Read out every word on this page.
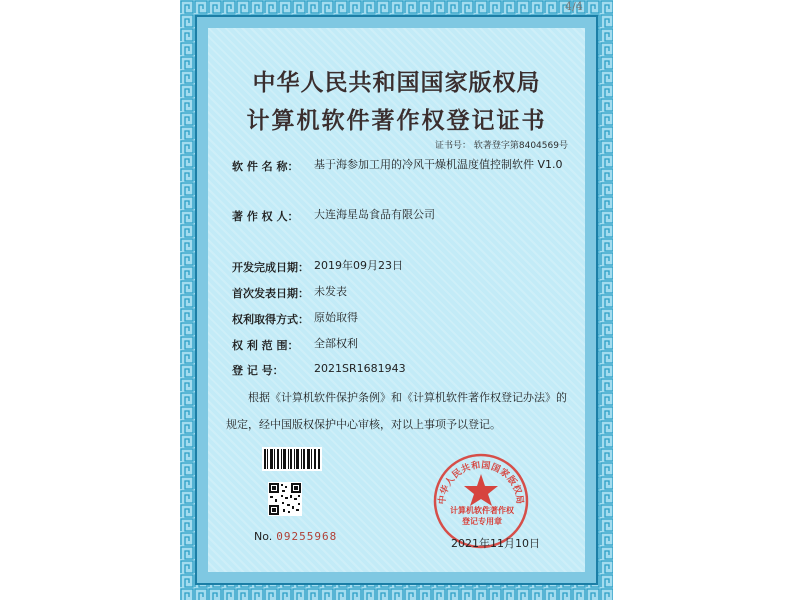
中华人民共和国国家版权局
计算机软件著作权登记证书
证书号： 软著登字第8404569号
软 件 名 称：	基于海参加工用的冷风干燥机温度值控制软件 V1.0
著 作 权 人：	大连海星岛食品有限公司
开发完成日期： 2019年09月23日
首次发表日期： 未发表
权利取得方式： 原始取得
权 利 范 围：	全部权利
登 记 号：	2021SR1681943
根据《计算机软件保护条例》和《计算机软件著作权登记办法》的
规定，经中国版权保护中心审核，对以上事项予以登记。
No. 09255968
中华人民共和国国家版权局
计算机软件著作权
登记专用章
2021年11月10日
4/4
